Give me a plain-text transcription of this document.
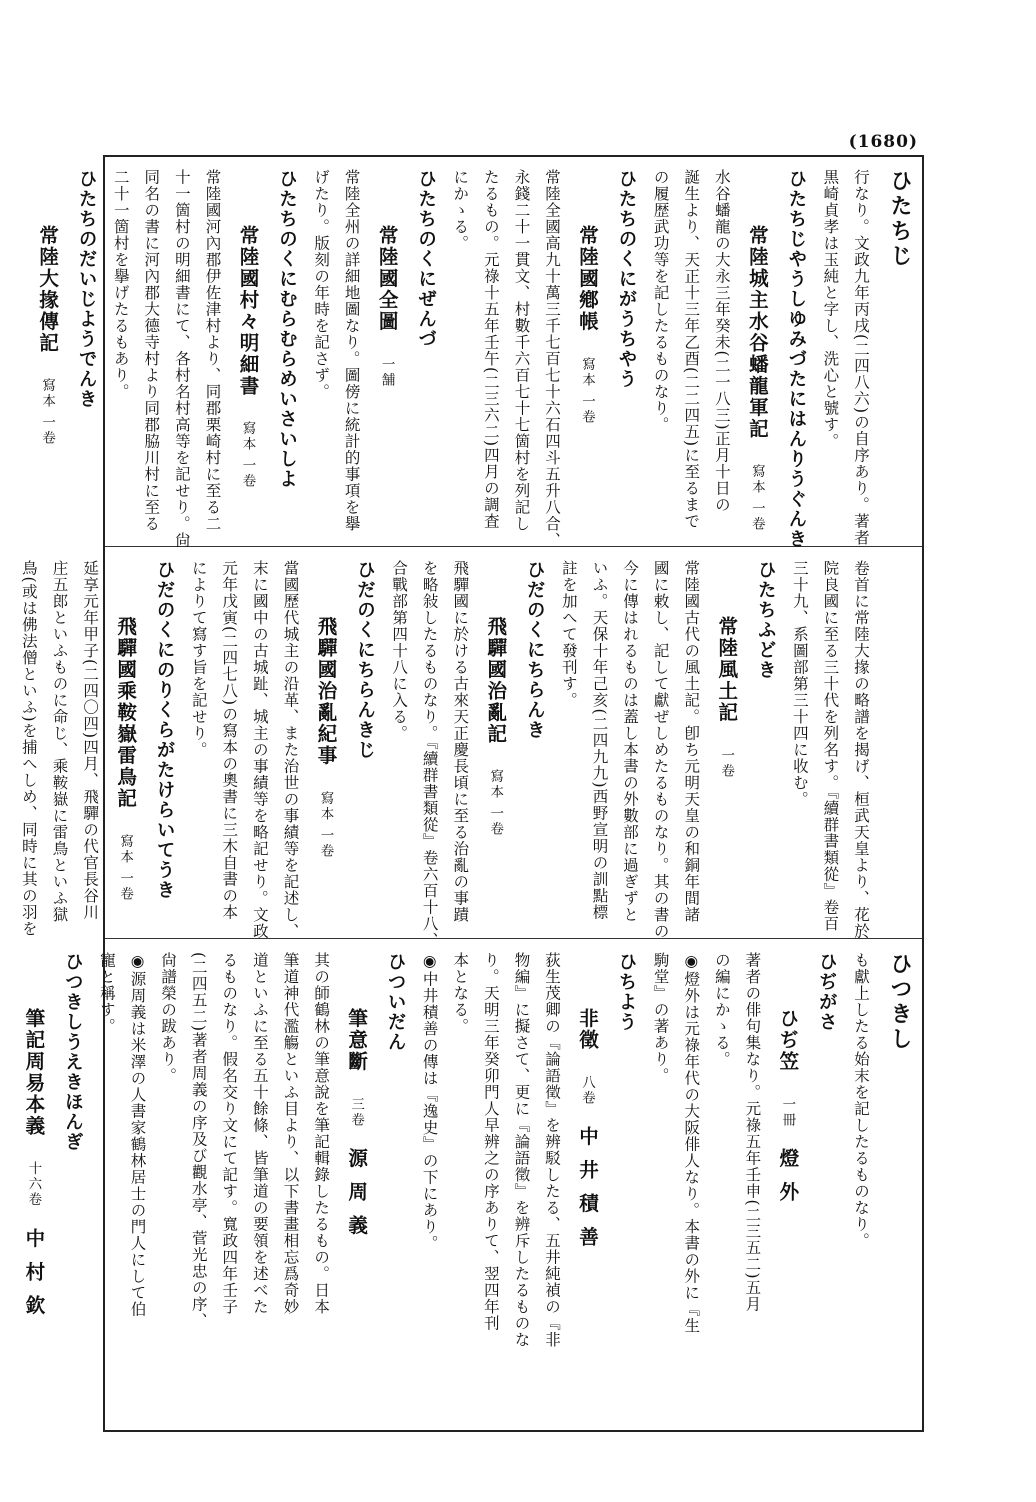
(1680)
ひたちじ
行なり。文政九年丙戌(二四八六)の自序あり。著者
黒崎貞孝は玉純と字し、洗心と號す。
ひたちじやうしゆみづたにはんりうぐんき
常陸城主水谷蟠龍軍記寫本 一卷
水谷蟠龍の大永三年癸未(二一八三)正月十日の
誕生より、天正十三年乙酉(二二四五)に至るまで
の履歴武功等を記したるものなり。
ひたちのくにがうちやう
常陸國鄕帳寫本 一卷
常陸全國高九十萬三千七百七十六石四斗五升八合、
永錢二十一貫文、村數千六百七十七箇村を列記し
たるもの。元祿十五年壬午(二三六二)四月の調査
にかゝる。
ひたちのくにぜんづ
常陸國全圖一舗
常陸全州の詳細地圖なり。圖傍に統計的事項を擧
げたり。版刻の年時を記さず。
ひたちのくにむらむらめいさいしよ
常陸國村々明細書寫本 一卷
常陸國河內郡伊佐津村より、同郡栗崎村に至る二
十一箇村の明細書にて、各村名村高等を記せり。尙
同名の書に河內郡大德寺村より同郡脇川村に至る
二十一箇村を擧げたるもあり。
ひたちのだいじようでんき
常陸大掾傳記寫本 一卷
卷首に常陸大掾の略譜を揭げ、桓武天皇より、花於
院良國に至る三十代を列名す。『續群書類從』卷百
三十九、系圖部第三十四に收む。
ひたちふどき
常陸風土記一卷
常陸國古代の風土記。卽ち元明天皇の和銅年間諸
國に敕し、記して獻ぜしめたるものなり。其の書の
今に傳はれるものは蓋し本書の外數部に過ぎずと
いふ。天保十年己亥(二四九九)西野宣明の訓點標
註を加へて發刊す。
ひだのくにちらんき
飛驒國治亂記寫本 一卷
飛驒國に於ける古來天正慶長頃に至る治亂の事蹟
を略敍したるものなり。『續群書類從』卷六百十八、
合戰部第四十八に入る。
ひだのくにちらんきじ
飛驒國治亂紀事寫本 一卷
當國歷代城主の沿革、また治世の事績等を記述し、
末に國中の古城趾、城主の事績等を略記せり。文政
元年戊寅(二四七八)の寫本の奧書に三木自書の本
によりて寫す旨を記せり。
ひだのくにのりくらがたけらいてうき
飛驒國乘鞍嶽雷鳥記寫本 一卷
延享元年甲子(二四〇四)四月、飛驒の代官長谷川
庄五郎といふものに命じ、乘鞍嶽に雷鳥といふ獄
鳥(或は佛法僧といふ)を捕へしめ、同時に其の羽を
ひつきし
も獻上したる始末を記したるものなり。
ひぢがさ
ひぢ笠一冊燈外
著者の俳句集なり。元祿五年壬申(二三五二)五月
の編にかゝる。
◉燈外は元祿年代の大阪俳人なり。本書の外に『生
駒堂』の著あり。
ひちよう
非徵八卷中井積善
荻生茂卿の『論語徵』を辨駁したる、五井純禎の『非
物編』に擬さて、更に『論語徵』を辨斥したるものな
り。天明三年癸卯門人早辨之の序ありて、翌四年刊
本となる。
◉中井積善の傳は『逸史』の下にあり。
ひついだん
筆意斷三卷源周義
其の師鶴林の筆意說を筆記輯錄したるもの。日本
筆道神代濫觴といふ目より、以下書畫相忘爲奇妙
道といふに至る五十餘條、皆筆道の要領を述べた
るものなり。假名交り文にて記す。寬政四年壬子
(二四五二)著者周義の序及び觀水亭、菅光忠の序、
尙譜榮の跋あり。
◉源周義は米澤の人書家鶴林居士の門人にして伯
寵と稱す。
ひつきしうえきほんぎ
筆記周易本義十六卷中村欽
